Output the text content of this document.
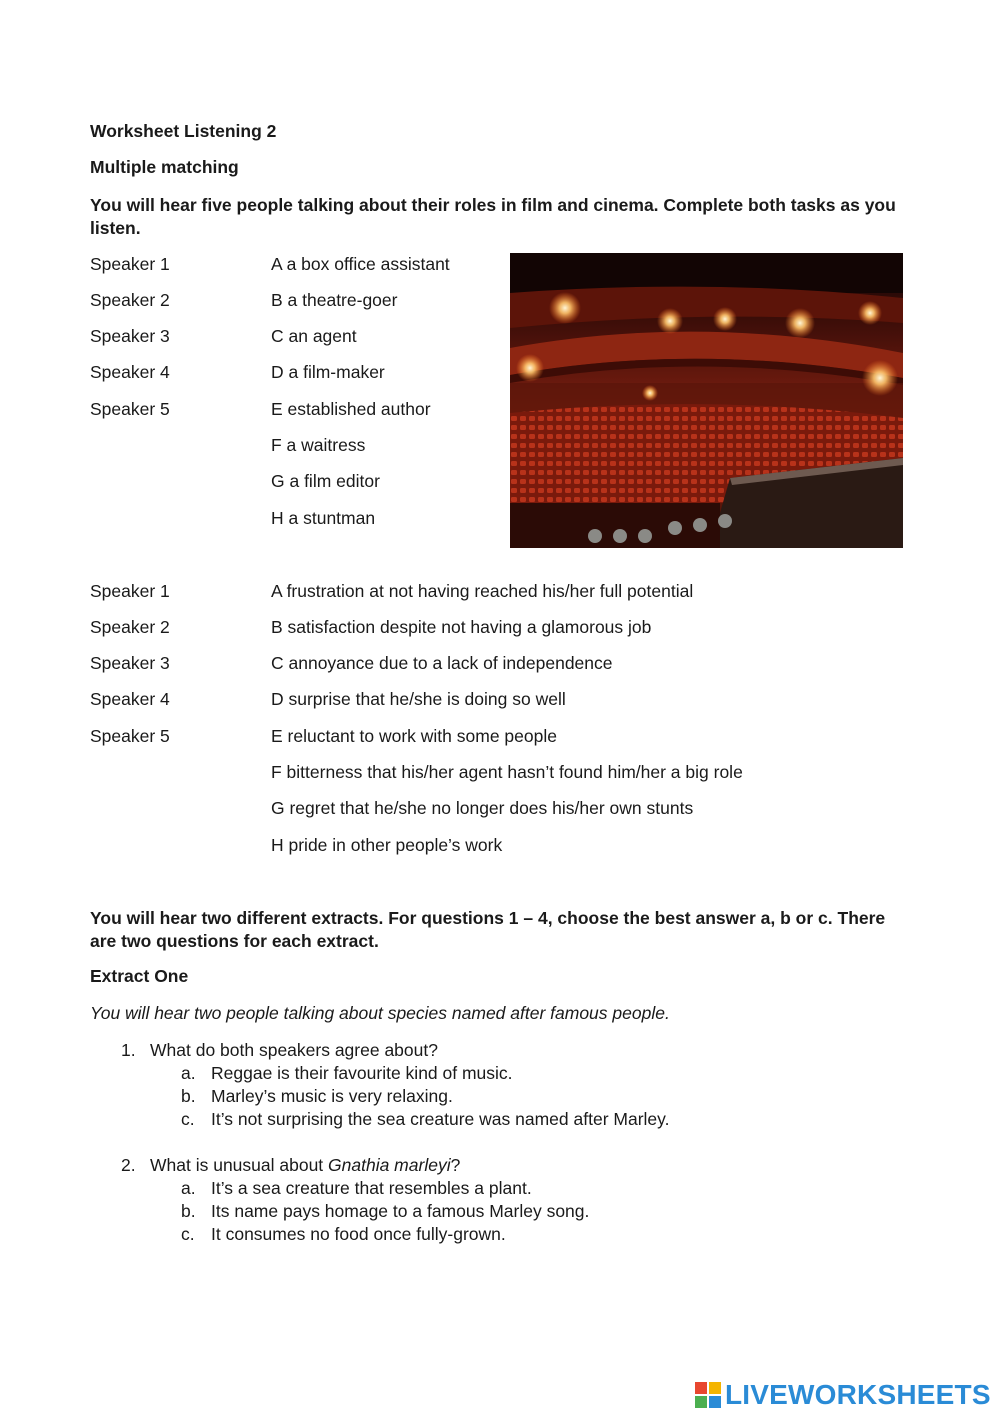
Worksheet Listening 2
Multiple matching
You will hear five people talking about their roles in film and cinema. Complete both tasks as you listen.
Speaker 1	A a box office assistant
Speaker 2	B a theatre-goer
Speaker 3	C an agent
Speaker 4	D a film-maker
Speaker 5	E established author
F a waitress
G a film editor
H a stuntman
Speaker 1	A frustration at not having reached his/her full potential
Speaker 2	B satisfaction despite not having a glamorous job
Speaker 3	C annoyance due to a lack of independence
Speaker 4	D surprise that he/she is doing so well
Speaker 5	E reluctant to work with some people
F bitterness that his/her agent hasn’t found him/her a big role
G regret that he/she no longer does his/her own stunts
H pride in other people’s work
You will hear two different extracts. For questions 1 – 4, choose the best answer a, b or c. There are two questions for each extract.
Extract One
You will hear two people talking about species named after famous people.
1. What do both speakers agree about?
a. Reggae is their favourite kind of music.
b. Marley’s music is very relaxing.
c. It’s not surprising the sea creature was named after Marley.
2. What is unusual about Gnathia marleyi?
a. It’s a sea creature that resembles a plant.
b. Its name pays homage to a famous Marley song.
c. It consumes no food once fully-grown.
LIVEWORKSHEETS
